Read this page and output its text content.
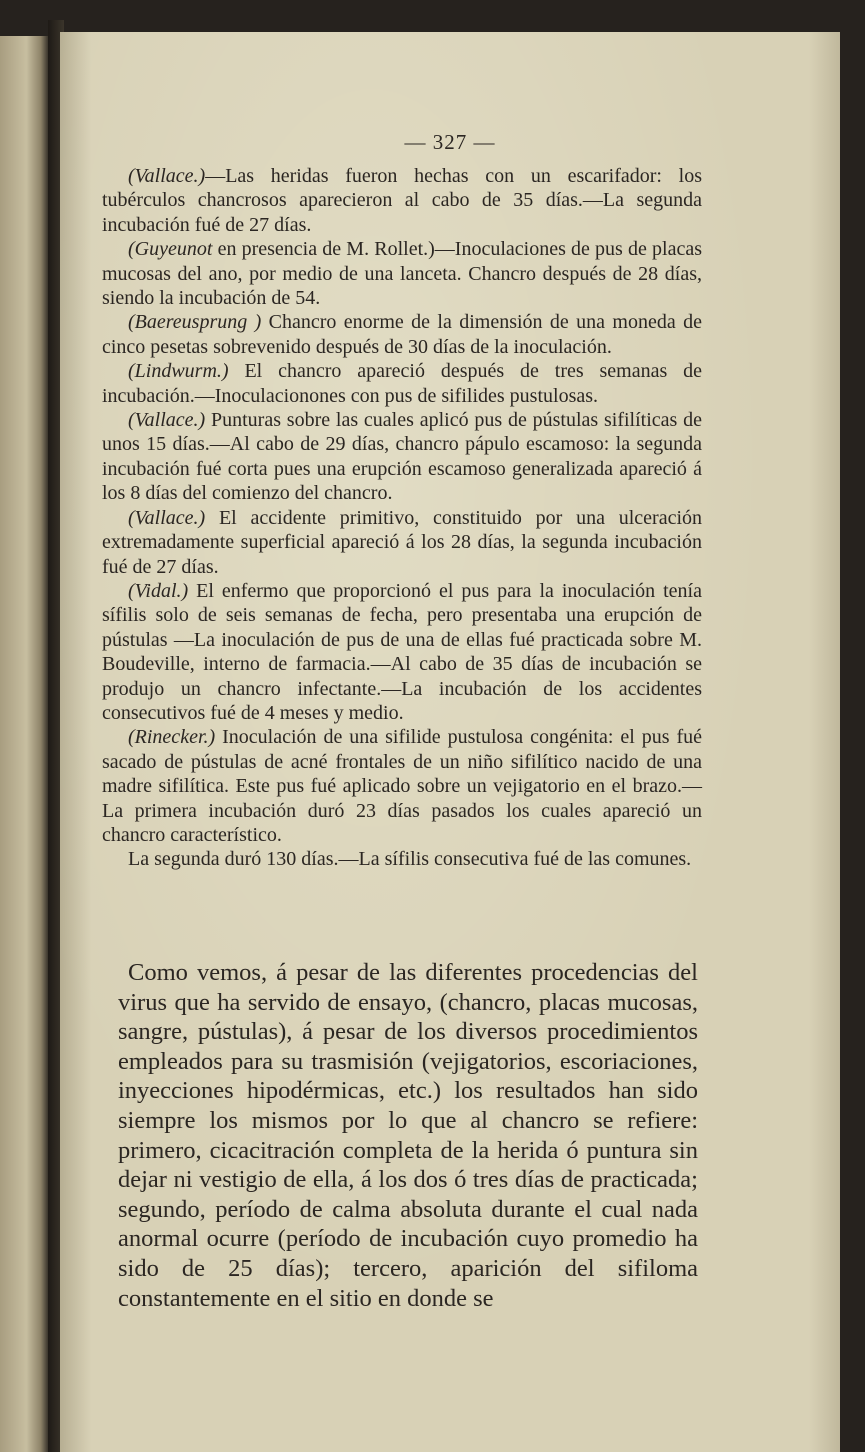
— 327 —

(Vallace.)—Las heridas fueron hechas con un escarifador: los tubérculos chancrosos aparecieron al cabo de 35 días.—La segunda incubación fué de 27 días.

(Guyeunot en presencia de M. Rollet.)—Inoculaciones de pus de placas mucosas del ano, por medio de una lanceta. Chancro después de 28 días, siendo la incubación de 54.

(Baereusprung ) Chancro enorme de la dimensión de una moneda de cinco pesetas sobrevenido después de 30 días de la inoculación.

(Lindwurm.) El chancro apareció después de tres semanas de incubación.—Inoculacionones con pus de sifilides pustulosas.

(Vallace.) Punturas sobre las cuales aplicó pus de pústulas sifilíticas de unos 15 días.—Al cabo de 29 días, chancro pápulo escamoso: la segunda incubación fué corta pues una erupción escamoso generalizada apareció á los 8 días del comienzo del chancro.

(Vallace.) El accidente primitivo, constituido por una ulceración extremadamente superficial apareció á los 28 días, la segunda incubación fué de 27 días.

(Vidal.) El enfermo que proporcionó el pus para la inoculación tenía sífilis solo de seis semanas de fecha, pero presentaba una erupción de pústulas —La inoculación de pus de una de ellas fué practicada sobre M. Boudeville, interno de farmacia.—Al cabo de 35 días de incubación se produjo un chancro infectante.—La incubación de los accidentes consecutivos fué de 4 meses y medio.

(Rinecker.) Inoculación de una sifilide pustulosa congénita: el pus fué sacado de pústulas de acné frontales de un niño sifilítico nacido de una madre sifilítica. Este pus fué aplicado sobre un vejigatorio en el brazo.—La primera incubación duró 23 días pasados los cuales apareció un chancro característico.

La segunda duró 130 días.—La sífilis consecutiva fué de las comunes.

Como vemos, á pesar de las diferentes procedencias del virus que ha servido de ensayo, (chancro, placas mucosas, sangre, pústulas), á pesar de los diversos procedimientos empleados para su trasmisión (vejigatorios, escoriaciones, inyecciones hipodérmicas, etc.) los resultados han sido siempre los mismos por lo que al chancro se refiere: primero, cicacitración completa de la herida ó puntura sin dejar ni vestigio de ella, á los dos ó tres días de practicada; segundo, período de calma absoluta durante el cual nada anormal ocurre (período de incubación cuyo promedio ha sido de 25 días); tercero, aparición del sifiloma constantemente en el sitio en donde se
